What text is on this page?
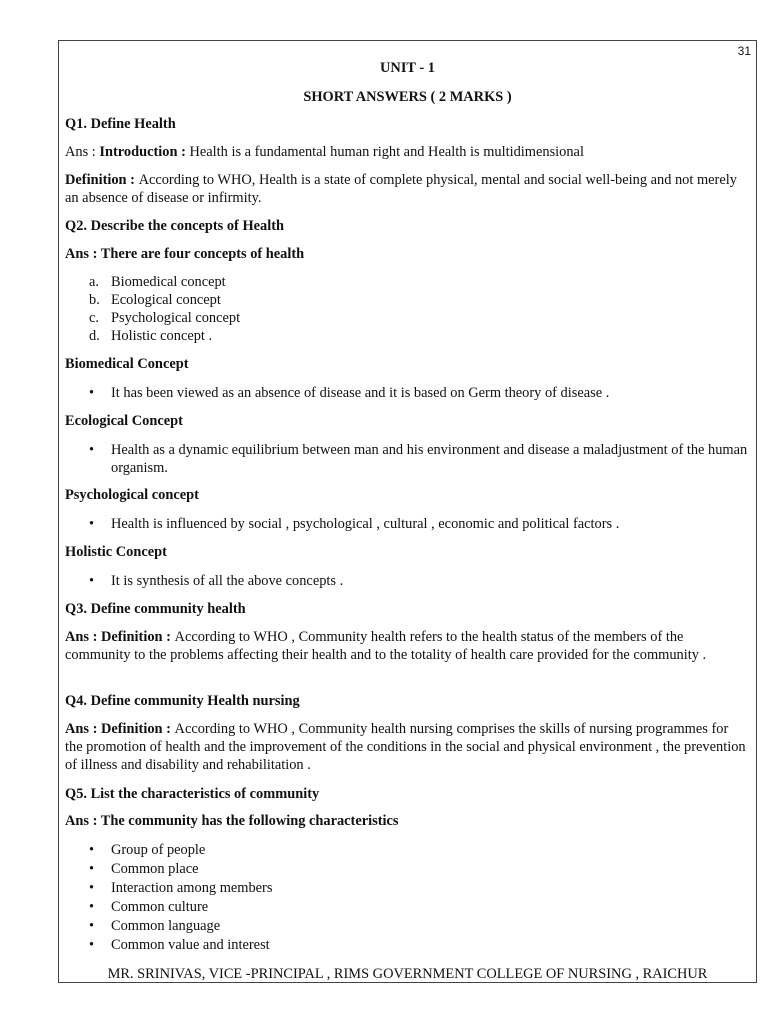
31
UNIT - 1
SHORT ANSWERS ( 2 MARKS )
Q1. Define Health
Ans : Introduction : Health is a fundamental human right and Health is multidimensional
Definition : According to WHO, Health is a state of complete physical, mental and social well-being and not merely an absence of disease or infirmity.
Q2. Describe the concepts of Health
Ans : There are four concepts of health
a. Biomedical concept
b. Ecological concept
c. Psychological concept
d. Holistic concept .
Biomedical Concept
• It has been viewed as an absence of disease and it is based on Germ theory of disease .
Ecological Concept
• Health as a dynamic equilibrium between man and his environment and disease a maladjustment of the human organism.
Psychological concept
• Health is influenced by social , psychological , cultural , economic and political factors .
Holistic Concept
• It is synthesis of all the above concepts .
Q3. Define community health
Ans : Definition : According to WHO , Community health refers to the health status of the members of the community to the problems affecting their health and to the totality of health care provided for the community .
Q4. Define community Health nursing
Ans : Definition : According to WHO , Community health nursing comprises the skills of nursing programmes for the promotion of health and the improvement of the conditions in the social and physical environment , the prevention of illness and disability and rehabilitation .
Q5. List the characteristics of community
Ans : The community has the following characteristics
• Group of people
• Common place
• Interaction among members
• Common culture
• Common language
• Common value and interest
MR. SRINIVAS, VICE -PRINCIPAL , RIMS GOVERNMENT COLLEGE OF NURSING , RAICHUR
